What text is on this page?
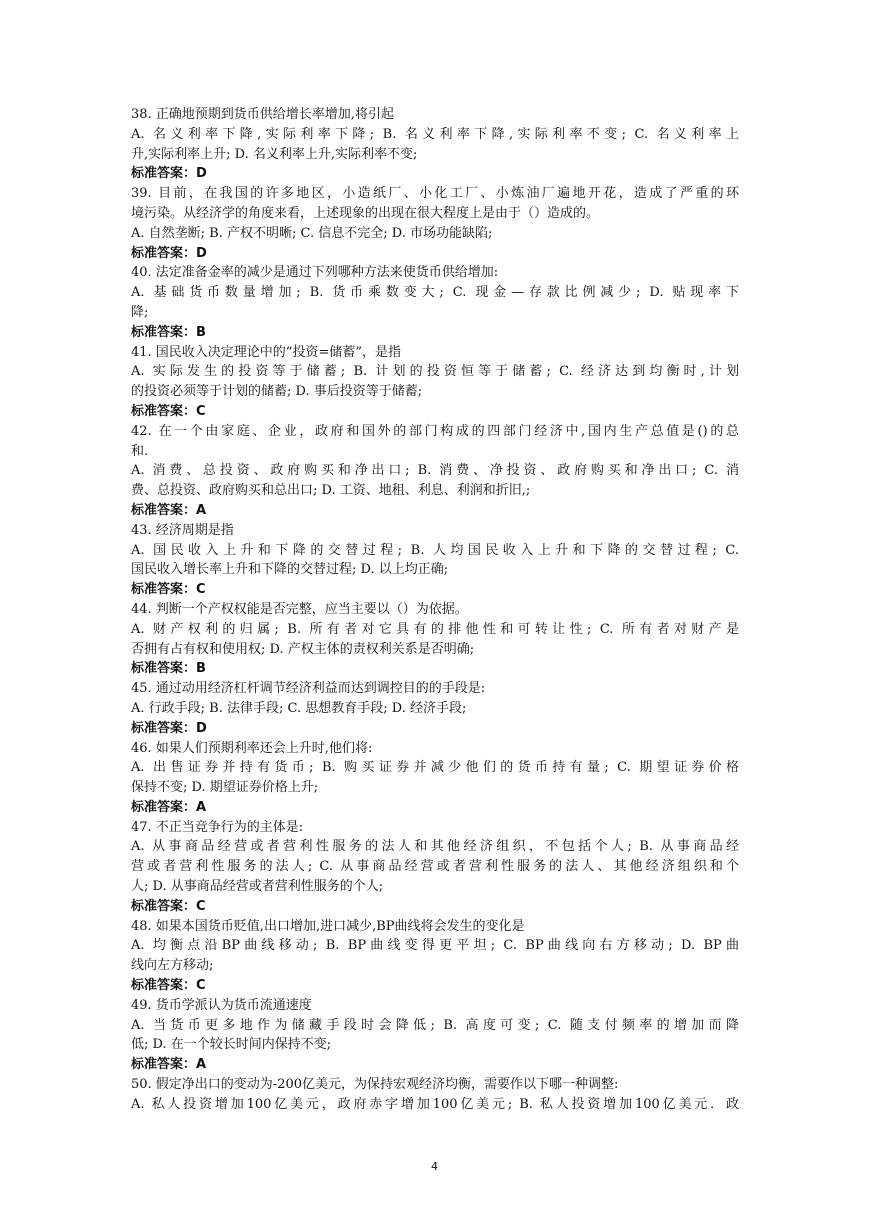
38. 正确地预期到货币供给增长率增加,将引起
A. 名义利率下降,实际利率下降; B. 名义利率下降,实际利率不变; C. 名义利率上
升,实际利率上升; D. 名义利率上升,实际利率不变;
标准答案：D
39. 目前，在我国的许多地区，小造纸厂、小化工厂、小炼油厂遍地开花，造成了严重的环
境污染。从经济学的角度来看，上述现象的出现在很大程度上是由于（）造成的。
A. 自然垄断; B. 产权不明晰; C. 信息不完全; D. 市场功能缺陷;
标准答案：D
40. 法定准备金率的减少是通过下列哪种方法来使货币供给增加:
A. 基础货币数量增加; B. 货币乘数变大; C. 现金—存款比例减少; D. 贴现率下
降;
标准答案：B
41. 国民收入决定理论中的“投资=储蓄”，是指
A. 实际发生的投资等于储蓄; B. 计划的投资恒等于储蓄; C. 经济达到均衡时,计划
的投资必须等于计划的储蓄; D. 事后投资等于储蓄;
标准答案：C
42. 在一个由家庭、企业，政府和国外的部门构成的四部门经济中,国内生产总值是()的总
和.
A. 消费、总投资、政府购买和净出口; B. 消费、净投资、政府购买和净出口; C. 消
费、总投资、政府购买和总出口; D. 工资、地租、利息、利润和折旧,;
标准答案：A
43. 经济周期是指
A. 国民收入上升和下降的交替过程; B. 人均国民收入上升和下降的交替过程; C.
国民收入增长率上升和下降的交替过程; D. 以上均正确;
标准答案：C
44. 判断一个产权权能是否完整，应当主要以（）为依据。
A. 财产权利的归属; B. 所有者对它具有的排他性和可转让性; C. 所有者对财产是
否拥有占有权和使用权; D. 产权主体的责权利关系是否明确;
标准答案：B
45. 通过动用经济杠杆调节经济利益而达到调控目的的手段是:
A. 行政手段; B. 法律手段; C. 思想教育手段; D. 经济手段;
标准答案：D
46. 如果人们预期利率还会上升时,他们将:
A. 出售证券并持有货币; B. 购买证券并减少他们的货币持有量; C. 期望证券价格
保持不变; D. 期望证券价格上升;
标准答案：A
47. 不正当竞争行为的主体是:
A. 从事商品经营或者营利性服务的法人和其他经济组织，不包括个人; B. 从事商品经
营或者营利性服务的法人; C. 从事商品经营或者营利性服务的法人、其他经济组织和个
人; D. 从事商品经营或者营利性服务的个人;
标准答案：C
48. 如果本国货币贬值,出口增加,进口减少,BP曲线将会发生的变化是
A. 均衡点沿BP曲线移动; B. BP曲线变得更平坦; C. BP曲线向右方移动; D. BP曲
线向左方移动;
标准答案：C
49. 货币学派认为货币流通速度
A. 当货币更多地作为储藏手段时会降低; B. 高度可变; C. 随支付频率的增加而降
低; D. 在一个较长时间内保持不变;
标准答案：A
50. 假定净出口的变动为-200亿美元，为保持宏观经济均衡，需要作以下哪一种调整:
A. 私人投资增加100亿美元，政府赤字增加100亿美元; B. 私人投资增加100亿美元．政
4
